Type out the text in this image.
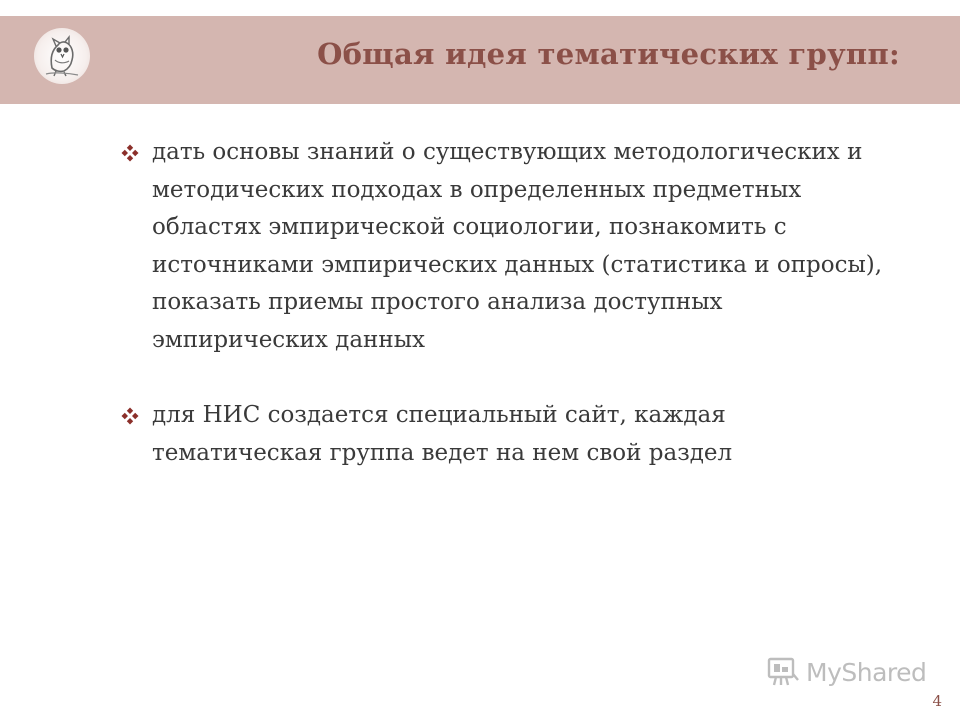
Общая идея тематических групп:
дать основы знаний о существующих методологических и методических подходах в определенных предметных областях эмпирической социологии, познакомить с источниками эмпирических данных (статистика и опросы), показать приемы простого анализа доступных эмпирических данных
для НИС создается специальный сайт, каждая тематическая группа ведет на нем свой раздел
MyShared
4
